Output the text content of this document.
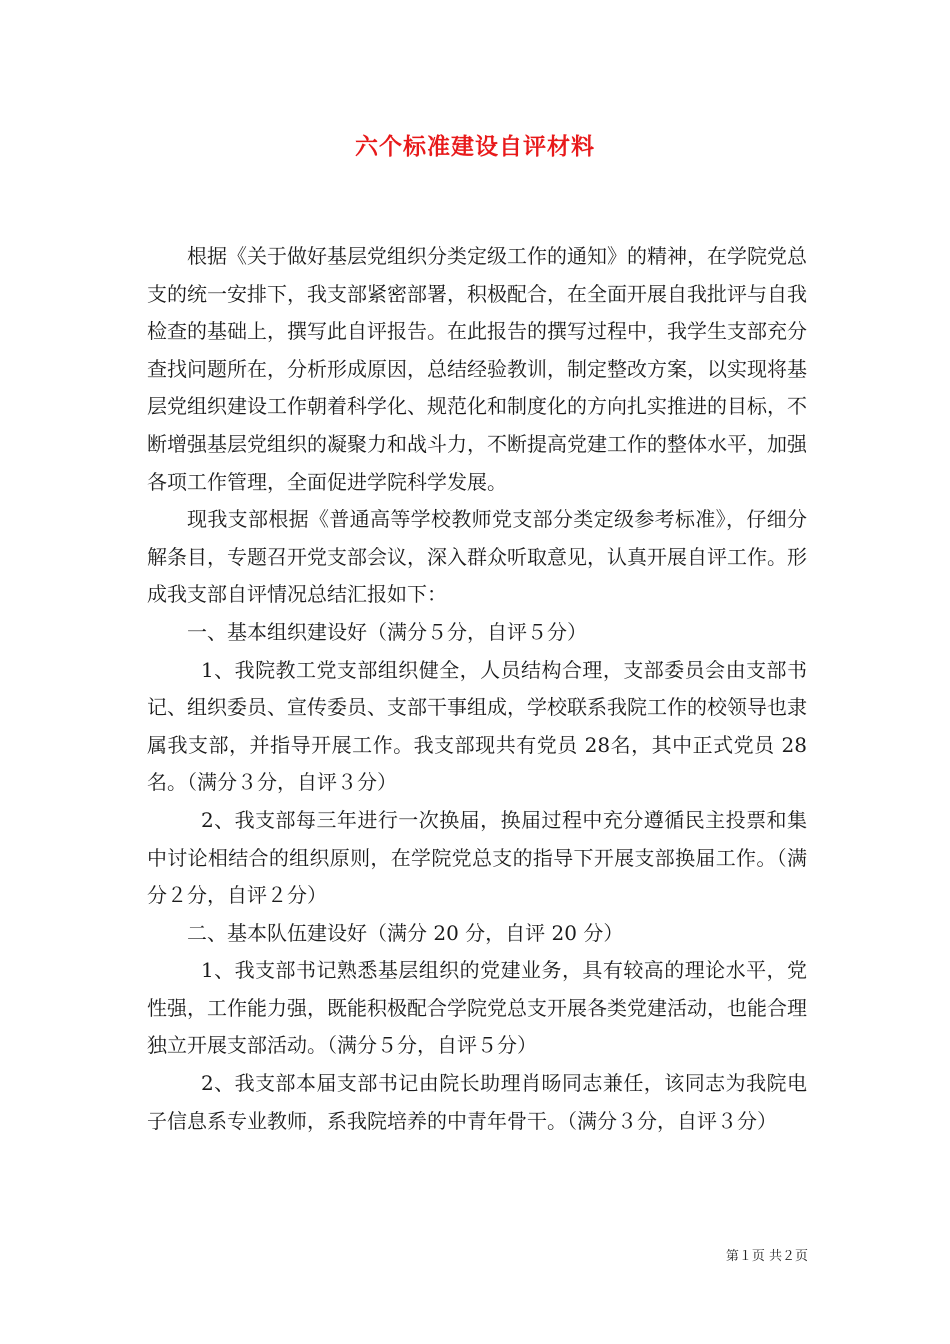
六个标准建设自评材料

根据《关于做好基层党组织分类定级工作的通知》的精神，在学院党总支的统一安排下，我支部紧密部署，积极配合，在全面开展自我批评与自我检查的基础上，撰写此自评报告。在此报告的撰写过程中，我学生支部充分查找问题所在，分析形成原因，总结经验教训，制定整改方案，以实现将基层党组织建设工作朝着科学化、规范化和制度化的方向扎实推进的目标，不断增强基层党组织的凝聚力和战斗力，不断提高党建工作的整体水平，加强各项工作管理，全面促进学院科学发展。

现我支部根据《普通高等学校教师党支部分类定级参考标准》，仔细分解条目，专题召开党支部会议，深入群众听取意见，认真开展自评工作。形成我支部自评情况总结汇报如下：

一、基本组织建设好（满分５分，自评５分）

1、我院教工党支部组织健全，人员结构合理，支部委员会由支部书记、组织委员、宣传委员、支部干事组成，学校联系我院工作的校领导也隶属我支部，并指导开展工作。我支部现共有党员 28名，其中正式党员 28 名。（满分３分，自评３分）

2、我支部每三年进行一次换届，换届过程中充分遵循民主投票和集中讨论相结合的组织原则，在学院党总支的指导下开展支部换届工作。（满分２分，自评２分）

二、基本队伍建设好（满分 20 分，自评 20 分）

1、我支部书记熟悉基层组织的党建业务，具有较高的理论水平，党性强，工作能力强，既能积极配合学院党总支开展各类党建活动，也能合理独立开展支部活动。（满分５分，自评５分）

2、我支部本届支部书记由院长助理肖旸同志兼任，该同志为我院电子信息系专业教师，系我院培养的中青年骨干。（满分３分，自评３分）

第１页 共２页
